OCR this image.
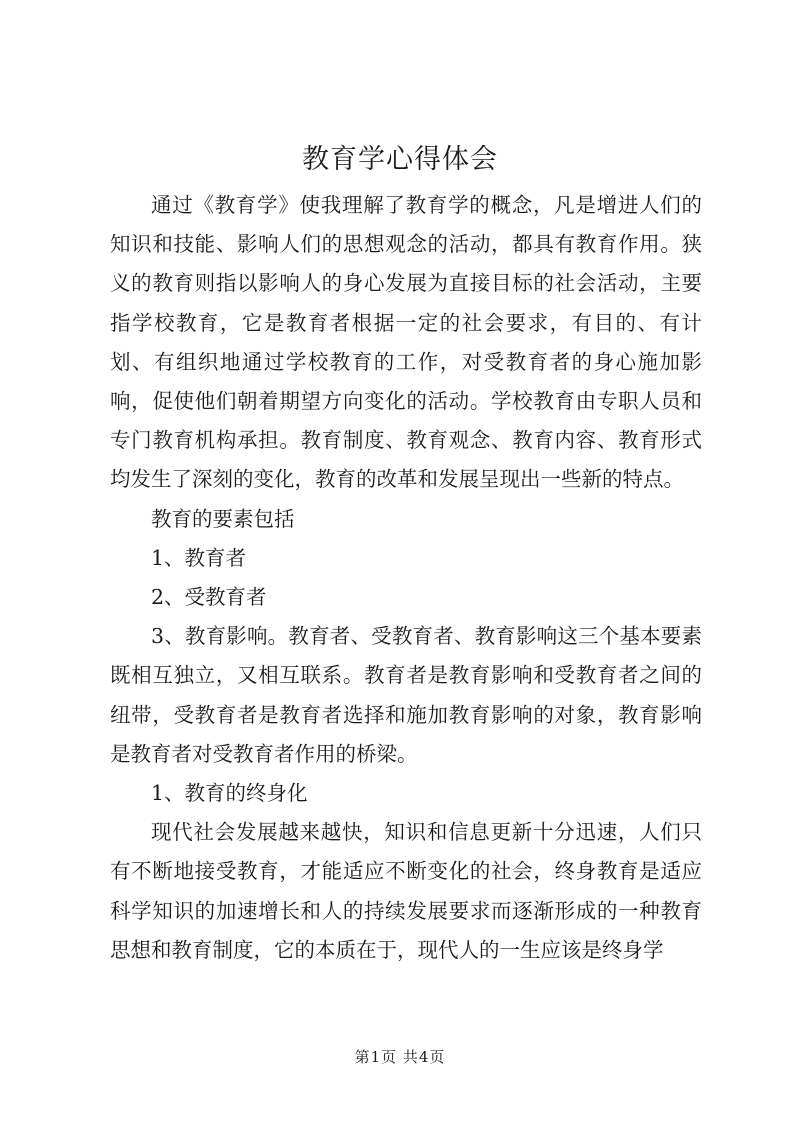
教育学心得体会

通过《教育学》使我理解了教育学的概念，凡是增进人们的知识和技能、影响人们的思想观念的活动，都具有教育作用。狭义的教育则指以影响人的身心发展为直接目标的社会活动，主要指学校教育，它是教育者根据一定的社会要求，有目的、有计划、有组织地通过学校教育的工作，对受教育者的身心施加影响，促使他们朝着期望方向变化的活动。学校教育由专职人员和专门教育机构承担。教育制度、教育观念、教育内容、教育形式均发生了深刻的变化，教育的改革和发展呈现出一些新的特点。

教育的要素包括

1、教育者

2、受教育者

3、教育影响。教育者、受教育者、教育影响这三个基本要素既相互独立，又相互联系。教育者是教育影响和受教育者之间的纽带，受教育者是教育者选择和施加教育影响的对象，教育影响是教育者对受教育者作用的桥梁。

1、教育的终身化

现代社会发展越来越快，知识和信息更新十分迅速，人们只有不断地接受教育，才能适应不断变化的社会，终身教育是适应科学知识的加速增长和人的持续发展要求而逐渐形成的一种教育思想和教育制度，它的本质在于，现代人的一生应该是终身学

第1页 共4页
